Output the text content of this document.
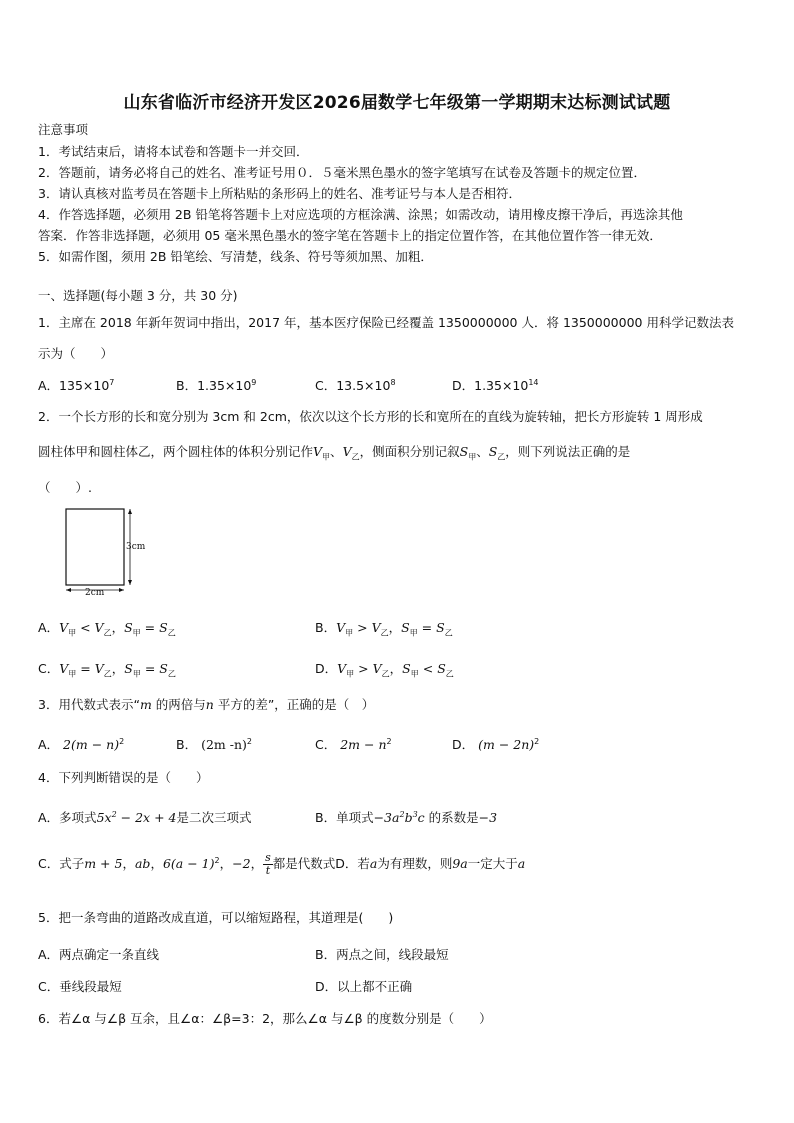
山东省临沂市经济开发区2026届数学七年级第一学期期末达标测试试题
注意事项
1．考试结束后，请将本试卷和答题卡一并交回．
2．答题前，请务必将自己的姓名、准考证号用０．５毫米黑色墨水的签字笔填写在试卷及答题卡的规定位置．
3．请认真核对监考员在答题卡上所粘贴的条形码上的姓名、准考证号与本人是否相符．
4．作答选择题，必须用 2B 铅笔将答题卡上对应选项的方框涂满、涂黑；如需改动，请用橡皮擦干净后，再选涂其他
答案．作答非选择题，必须用 05 毫米黑色墨水的签字笔在答题卡上的指定位置作答，在其他位置作答一律无效．
5．如需作图，须用 2B 铅笔绘、写清楚，线条、符号等须加黑、加粗．
一、选择题(每小题 3 分，共 30 分)
1．主席在 2018 年新年贺词中指出，2017 年，基本医疗保险已经覆盖 1350000000 人．将 1350000000 用科学记数法表
示为（　　）
A．$135\times 10^7$	B．$1.35\times 10^9$	C．$13.5\times 10^8$	D．$1.35\times 10^{14}$
2．一个长方形的长和宽分别为 3cm 和 2cm，依次以这个长方形的长和宽所在的直线为旋转轴，把长方形旋转 1 周形成
圆柱体甲和圆柱体乙，两个圆柱体的体积分别记作$V_甲$、$V_乙$，侧面积分别记叙$S_甲$、$S_乙$，则下列说法正确的是
（　　）.
3cm
2cm
A．$V_甲 < V_乙$，$S_甲 = S_乙$	B．$V_甲 > V_乙$，$S_甲 = S_乙$
C．$V_甲 = V_乙$，$S_甲 = S_乙$	D．$V_甲 > V_乙$，$S_甲 < S_乙$
3．用代数式表示“m 的两倍与n 平方的差”，正确的是（　）
A． $2(m - n)^2$	B． (2m -n)$^2$	C． $2m - n^2$	D． $(m - 2n)^2$
4．下列判断错误的是（　　）
A．多项式$5x^2 - 2x + 4$是二次三项式	B．单项式$-3a^2b^3c$ 的系数是−3
C．式子m + 5，ab，$6(a - 1)^2$，−2， $\frac{s}{t}$ 都是代数式D．若a为有理数，则9a一定大于a
5．把一条弯曲的道路改成直道，可以缩短路程，其道理是(　　)
A．两点确定一条直线	B．两点之间，线段最短
C．垂线段最短	D．以上都不正确
6．若∠α 与∠β 互余，且∠α：∠β=3：2，那么∠α 与∠β 的度数分别是（　　）
